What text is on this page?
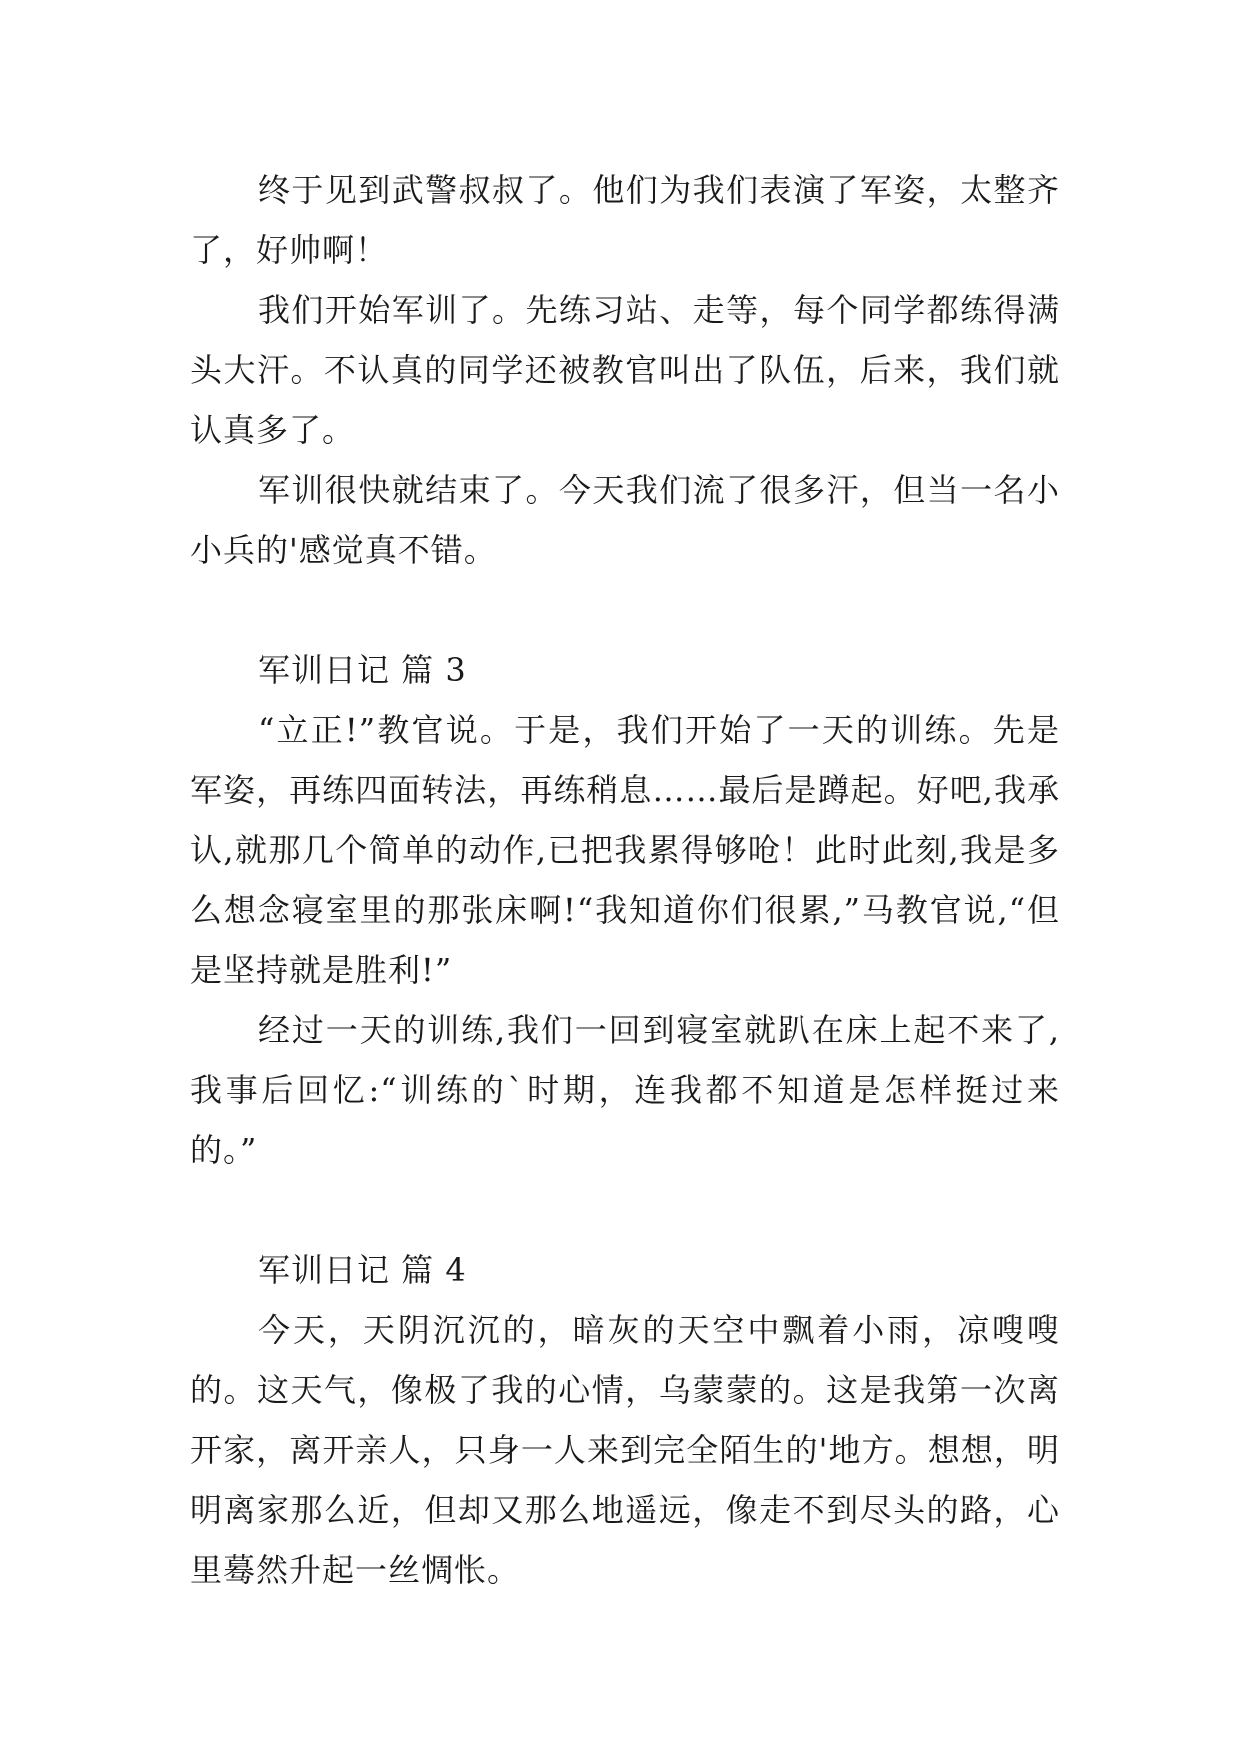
终于见到武警叔叔了。他们为我们表演了军姿，太整齐了，好帅啊！

我们开始军训了。先练习站、走等，每个同学都练得满头大汗。不认真的同学还被教官叫出了队伍，后来，我们就认真多了。

军训很快就结束了。今天我们流了很多汗，但当一名小小兵的'感觉真不错。

军训日记 篇 3

“立正!”教官说。于是，我们开始了一天的训练。先是军姿，再练四面转法，再练稍息……最后是蹲起。好吧,我承认,就那几个简单的动作,已把我累得够呛！此时此刻,我是多么想念寝室里的那张床啊!“我知道你们很累,”马教官说,“但是坚持就是胜利!”

经过一天的训练,我们一回到寝室就趴在床上起不来了,我事后回忆:“训练的`时期，连我都不知道是怎样挺过来的。”

军训日记 篇 4

今天，天阴沉沉的，暗灰的天空中飘着小雨，凉嗖嗖的。这天气，像极了我的心情，乌蒙蒙的。这是我第一次离开家，离开亲人，只身一人来到完全陌生的'地方。想想，明明离家那么近，但却又那么地遥远，像走不到尽头的路，心里蓦然升起一丝惆怅。
